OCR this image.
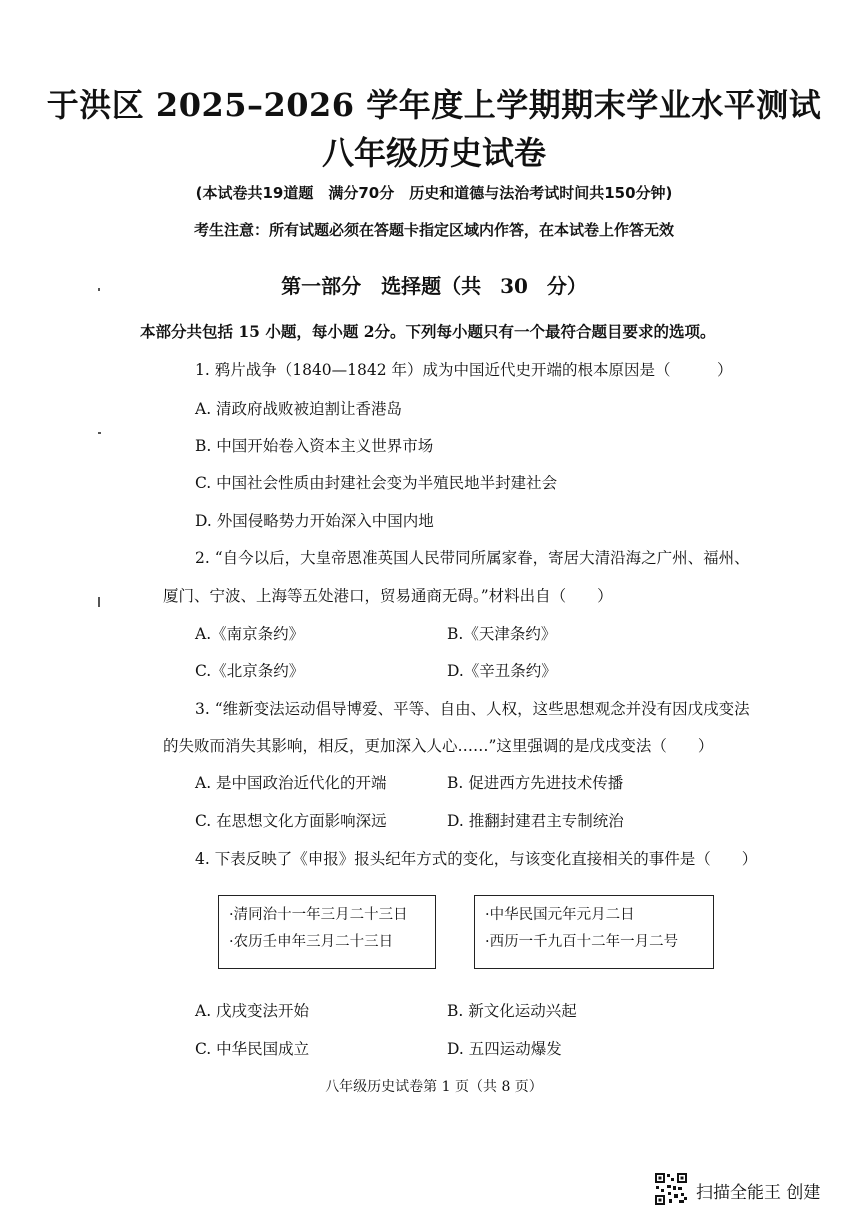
于洪区 2025–2026 学年度上学期期末学业水平测试
八年级历史试卷
(本试卷共19道题　满分70分　历史和道德与法治考试时间共150分钟)
考生注意：所有试题必须在答题卡指定区域内作答，在本试卷上作答无效
第一部分　选择题（共 30 分）
本部分共包括 15 小题，每小题 2分。下列每小题只有一个最符合题目要求的选项。
1. 鸦片战争（1840—1842 年）成为中国近代史开端的根本原因是（　　　）
A. 清政府战败被迫割让香港岛
B. 中国开始卷入资本主义世界市场
C. 中国社会性质由封建社会变为半殖民地半封建社会
D. 外国侵略势力开始深入中国内地
2. “自今以后，大皇帝恩准英国人民带同所属家眷，寄居大清沿海之广州、福州、
厦门、宁波、上海等五处港口，贸易通商无碍。”材料出自（　　）
A.《南京条约》	B.《天津条约》
C.《北京条约》	D.《辛丑条约》
3. “维新变法运动倡导博爱、平等、自由、人权，这些思想观念并没有因戊戌变法
的失败而消失其影响，相反，更加深入人心……”这里强调的是戊戌变法（　　）
A. 是中国政治近代化的开端	B. 促进西方先进技术传播
C. 在思想文化方面影响深远	D. 推翻封建君主专制统治
4. 下表反映了《申报》报头纪年方式的变化，与该变化直接相关的事件是（　　）
·清同治十一年三月二十三日
·农历壬申年三月二十三日
·中华民国元年元月二日
·西历一千九百十二年一月二号
A. 戊戌变法开始	B. 新文化运动兴起
C. 中华民国成立	D. 五四运动爆发
八年级历史试卷第 1 页（共 8 页）
扫描全能王 创建
